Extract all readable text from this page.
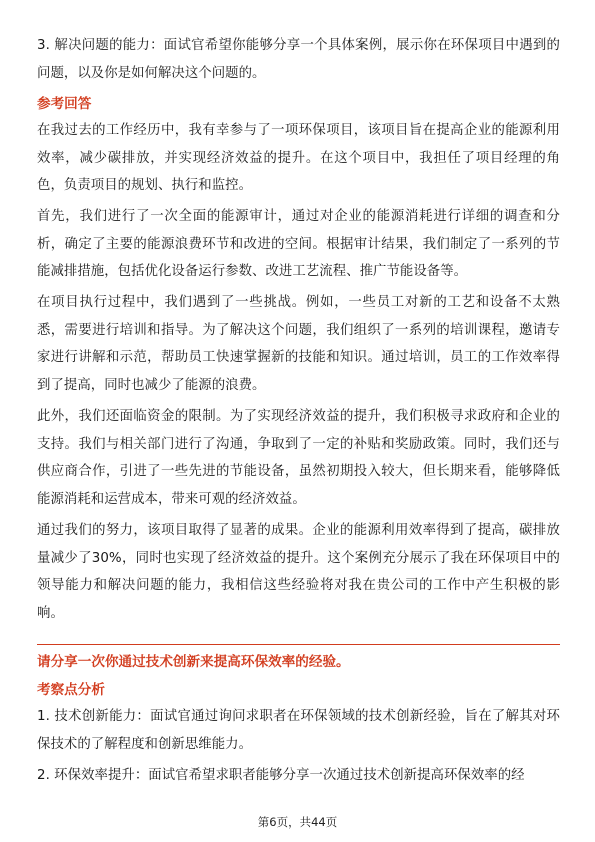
3. 解决问题的能力：面试官希望你能够分享一个具体案例，展示你在环保项目中遇到的问题，以及你是如何解决这个问题的。

参考回答

在我过去的工作经历中，我有幸参与了一项环保项目，该项目旨在提高企业的能源利用效率，减少碳排放，并实现经济效益的提升。在这个项目中，我担任了项目经理的角色，负责项目的规划、执行和监控。

首先，我们进行了一次全面的能源审计，通过对企业的能源消耗进行详细的调查和分析，确定了主要的能源浪费环节和改进的空间。根据审计结果，我们制定了一系列的节能减排措施，包括优化设备运行参数、改进工艺流程、推广节能设备等。

在项目执行过程中，我们遇到了一些挑战。例如，一些员工对新的工艺和设备不太熟悉，需要进行培训和指导。为了解决这个问题，我们组织了一系列的培训课程，邀请专家进行讲解和示范，帮助员工快速掌握新的技能和知识。通过培训，员工的工作效率得到了提高，同时也减少了能源的浪费。

此外，我们还面临资金的限制。为了实现经济效益的提升，我们积极寻求政府和企业的支持。我们与相关部门进行了沟通，争取到了一定的补贴和奖励政策。同时，我们还与供应商合作，引进了一些先进的节能设备，虽然初期投入较大，但长期来看，能够降低能源消耗和运营成本，带来可观的经济效益。

通过我们的努力，该项目取得了显著的成果。企业的能源利用效率得到了提高，碳排放量减少了30%，同时也实现了经济效益的提升。这个案例充分展示了我在环保项目中的领导能力和解决问题的能力，我相信这些经验将对我在贵公司的工作中产生积极的影响。

请分享一次你通过技术创新来提高环保效率的经验。

考察点分析

1. 技术创新能力：面试官通过询问求职者在环保领域的技术创新经验，旨在了解其对环保技术的了解程度和创新思维能力。

2. 环保效率提升：面试官希望求职者能够分享一次通过技术创新提高环保效率的经

第6页，共44页
